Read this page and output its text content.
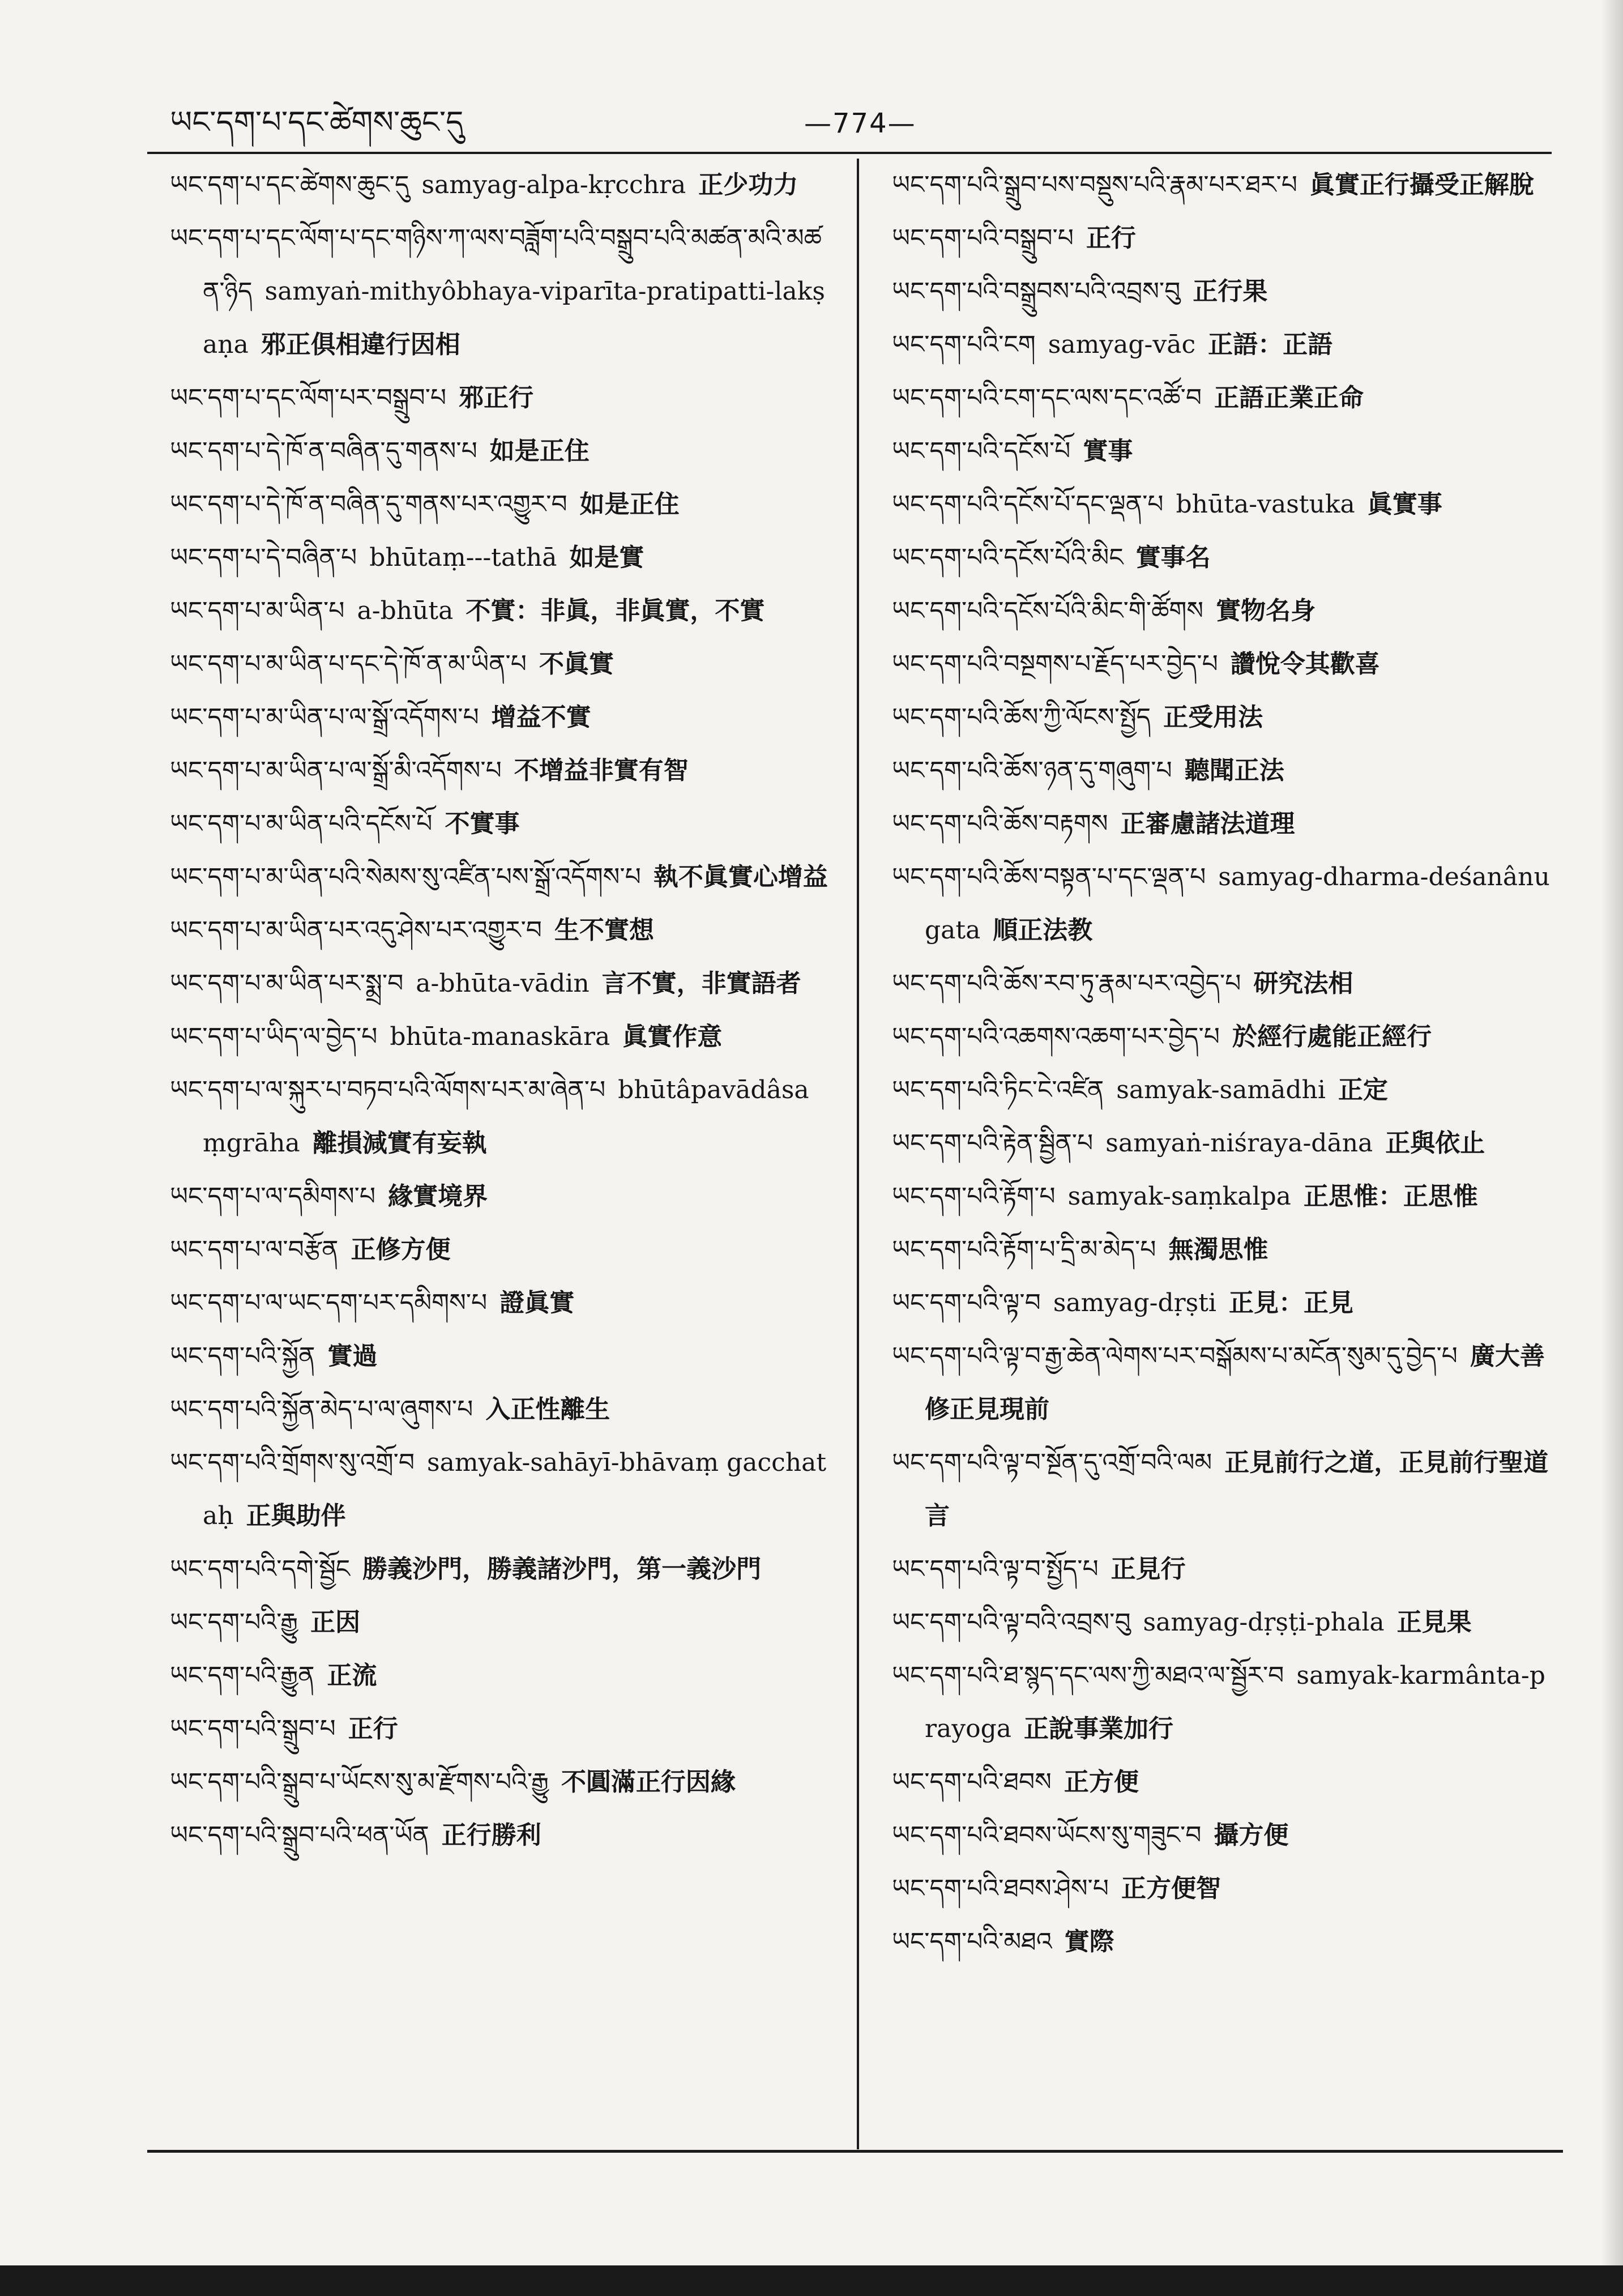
ཡང་དག་པ་དང་ཚེགས་ཆུང་དུ	—774—

ཡང་དག་པ་དང་ཚེགས་ཆུང་དུ samyag-alpa-kṛcchra 正少功力

ཡང་དག་པ་དང་ལོག་པ་དང་གཉིས་ཀ་ལས་བཟློག་པའི་བསྒྲུབ་པའི་མཚན་མའི་མཚན་ཉིད samyaṅ-mithyôbhaya-viparīta-pratipatti-lakṣaṇa 邪正俱相違行因相

ཡང་དག་པ་དང་ལོག་པར་བསྒྲུབ་པ 邪正行

ཡང་དག་པ་དེ་ཁོ་ན་བཞིན་དུ་གནས་པ 如是正住

ཡང་དག་པ་དེ་ཁོ་ན་བཞིན་དུ་གནས་པར་འགྱུར་བ 如是正住

ཡང་དག་པ་དེ་བཞིན་པ bhūtaṃ---tathā 如是實

ཡང་དག་པ་མ་ཡིན་པ a-bhūta 不實：非眞，非眞實，不實

ཡང་དག་པ་མ་ཡིན་པ་དང་དེ་ཁོ་ན་མ་ཡིན་པ 不眞實

ཡང་དག་པ་མ་ཡིན་པ་ལ་སྒྲོ་འདོགས་པ 增益不實

ཡང་དག་པ་མ་ཡིན་པ་ལ་སྒྲོ་མི་འདོགས་པ 不增益非實有智

ཡང་དག་པ་མ་ཡིན་པའི་དངོས་པོ 不實事

ཡང་དག་པ་མ་ཡིན་པའི་སེམས་སུ་འཛིན་པས་སྒྲོ་འདོགས་པ 執不眞實心增益

ཡང་དག་པ་མ་ཡིན་པར་འདུ་ཤེས་པར་འགྱུར་བ 生不實想

ཡང་དག་པ་མ་ཡིན་པར་སྨྲ་བ a-bhūta-vādin 言不實，非實語者

ཡང་དག་པ་ཡིད་ལ་བྱེད་པ bhūta-manaskāra 眞實作意

ཡང་དག་པ་ལ་སྐུར་པ་བཏབ་པའི་ལོགས་པར་མ་ཞེན་པ bhūtâpavādâsaṃgrāha 離損減實有妄執

ཡང་དག་པ་ལ་དམིགས་པ 緣實境界

ཡང་དག་པ་ལ་བརྩོན 正修方便

ཡང་དག་པ་ལ་ཡང་དག་པར་དམིགས་པ 證眞實

ཡང་དག་པའི་སྐྱོན 實過

ཡང་དག་པའི་སྐྱོན་མེད་པ་ལ་ཞུགས་པ 入正性離生

ཡང་དག་པའི་གྲོགས་སུ་འགྲོ་བ samyak-sahāyī-bhāvaṃ gacchataḥ 正與助伴

ཡང་དག་པའི་དགེ་སྦྱོང 勝義沙門，勝義諸沙門，第一義沙門

ཡང་དག་པའི་རྒྱུ 正因

ཡང་དག་པའི་རྒྱུན 正流

ཡང་དག་པའི་སྒྲུབ་པ 正行

ཡང་དག་པའི་སྒྲུབ་པ་ཡོངས་སུ་མ་རྫོགས་པའི་རྒྱུ 不圓滿正行因緣

ཡང་དག་པའི་སྒྲུབ་པའི་ཕན་ཡོན 正行勝利

ཡང་དག་པའི་སྒྲུབ་པས་བསྡུས་པའི་རྣམ་པར་ཐར་པ 眞實正行攝受正解脫

ཡང་དག་པའི་བསྒྲུབ་པ 正行

ཡང་དག་པའི་བསྒྲུབས་པའི་འབྲས་བུ 正行果

ཡང་དག་པའི་ངག samyag-vāc 正語：正語

ཡང་དག་པའི་ངག་དང་ལས་དང་འཚོ་བ 正語正業正命

ཡང་དག་པའི་དངོས་པོ 實事

ཡང་དག་པའི་དངོས་པོ་དང་ལྡན་པ bhūta-vastuka 眞實事

ཡང་དག་པའི་དངོས་པོའི་མིང 實事名

ཡང་དག་པའི་དངོས་པོའི་མིང་གི་ཚོགས 實物名身

ཡང་དག་པའི་བསྔགས་པ་རྗོད་པར་བྱེད་པ 讚悅令其歡喜

ཡང་དག་པའི་ཆོས་ཀྱི་ལོངས་སྤྱོད 正受用法

ཡང་དག་པའི་ཆོས་ཉན་དུ་གཞུག་པ 聽聞正法

ཡང་དག་པའི་ཆོས་བརྟགས 正審慮諸法道理

ཡང་དག་པའི་ཆོས་བསྟན་པ་དང་ལྡན་པ samyag-dharma-deśanânugata 順正法教

ཡང་དག་པའི་ཆོས་རབ་ཏུ་རྣམ་པར་འབྱེད་པ 研究法相

ཡང་དག་པའི་འཆགས་འཆག་པར་བྱེད་པ 於經行處能正經行

ཡང་དག་པའི་ཏིང་ངེ་འཛིན samyak-samādhi 正定

ཡང་དག་པའི་རྟེན་སྦྱིན་པ samyaṅ-niśraya-dāna 正與依止

ཡང་དག་པའི་རྟོག་པ samyak-saṃkalpa 正思惟：正思惟

ཡང་དག་པའི་རྟོག་པ་དྲི་མ་མེད་པ 無濁思惟

ཡང་དག་པའི་ལྟ་བ samyag-dṛṣti 正見：正見

ཡང་དག་པའི་ལྟ་བ་རྒྱ་ཆེན་ལེགས་པར་བསྒོམས་པ་མངོན་སུམ་དུ་བྱེད་པ 廣大善修正見現前

ཡང་དག་པའི་ལྟ་བ་སྔོན་དུ་འགྲོ་བའི་ལམ 正見前行之道，正見前行聖道言

ཡང་དག་པའི་ལྟ་བ་སྤྱོད་པ 正見行

ཡང་དག་པའི་ལྟ་བའི་འབྲས་བུ samyag-dṛṣṭi-phala 正見果

ཡང་དག་པའི་ཐ་སྙད་དང་ལས་ཀྱི་མཐའ་ལ་སྦྱོར་བ samyak-karmânta-prayoga 正說事業加行

ཡང་དག་པའི་ཐབས 正方便

ཡང་དག་པའི་ཐབས་ཡོངས་སུ་གཟུང་བ 攝方便

ཡང་དག་པའི་ཐབས་ཤེས་པ 正方便智

ཡང་དག་པའི་མཐའ 實際
